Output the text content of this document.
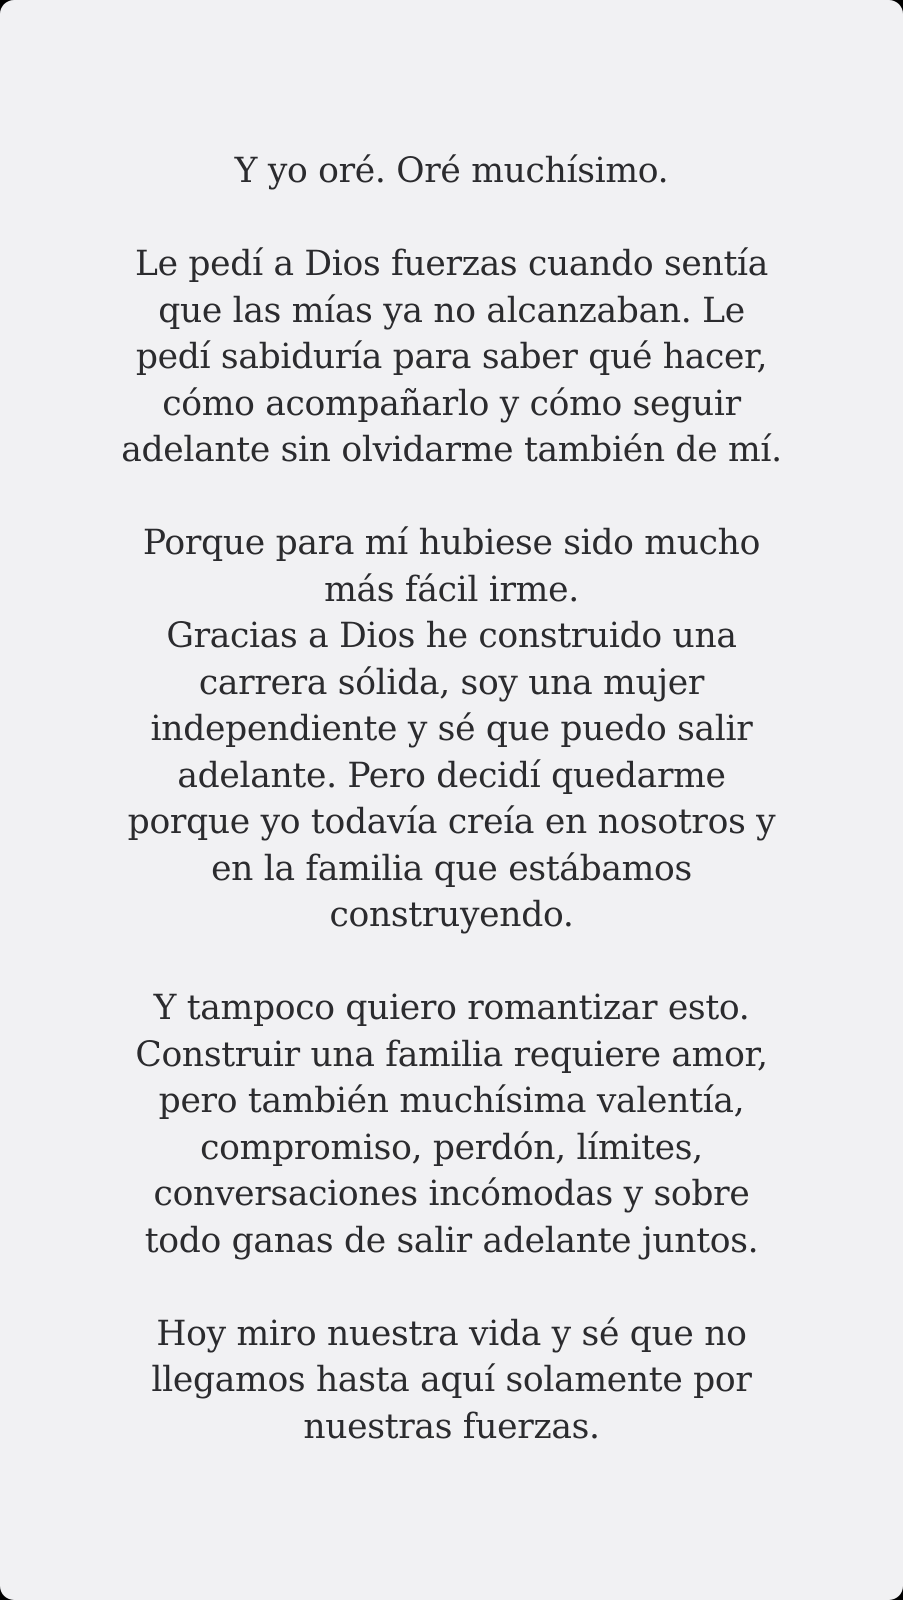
Y yo oré. Oré muchísimo.

Le pedí a Dios fuerzas cuando sentía
que las mías ya no alcanzaban. Le
pedí sabiduría para saber qué hacer,
cómo acompañarlo y cómo seguir
adelante sin olvidarme también de mí.

Porque para mí hubiese sido mucho
más fácil irme.
Gracias a Dios he construido una
carrera sólida, soy una mujer
independiente y sé que puedo salir
adelante. Pero decidí quedarme
porque yo todavía creía en nosotros y
en la familia que estábamos
construyendo.

Y tampoco quiero romantizar esto.
Construir una familia requiere amor,
pero también muchísima valentía,
compromiso, perdón, límites,
conversaciones incómodas y sobre
todo ganas de salir adelante juntos.

Hoy miro nuestra vida y sé que no
llegamos hasta aquí solamente por
nuestras fuerzas.
